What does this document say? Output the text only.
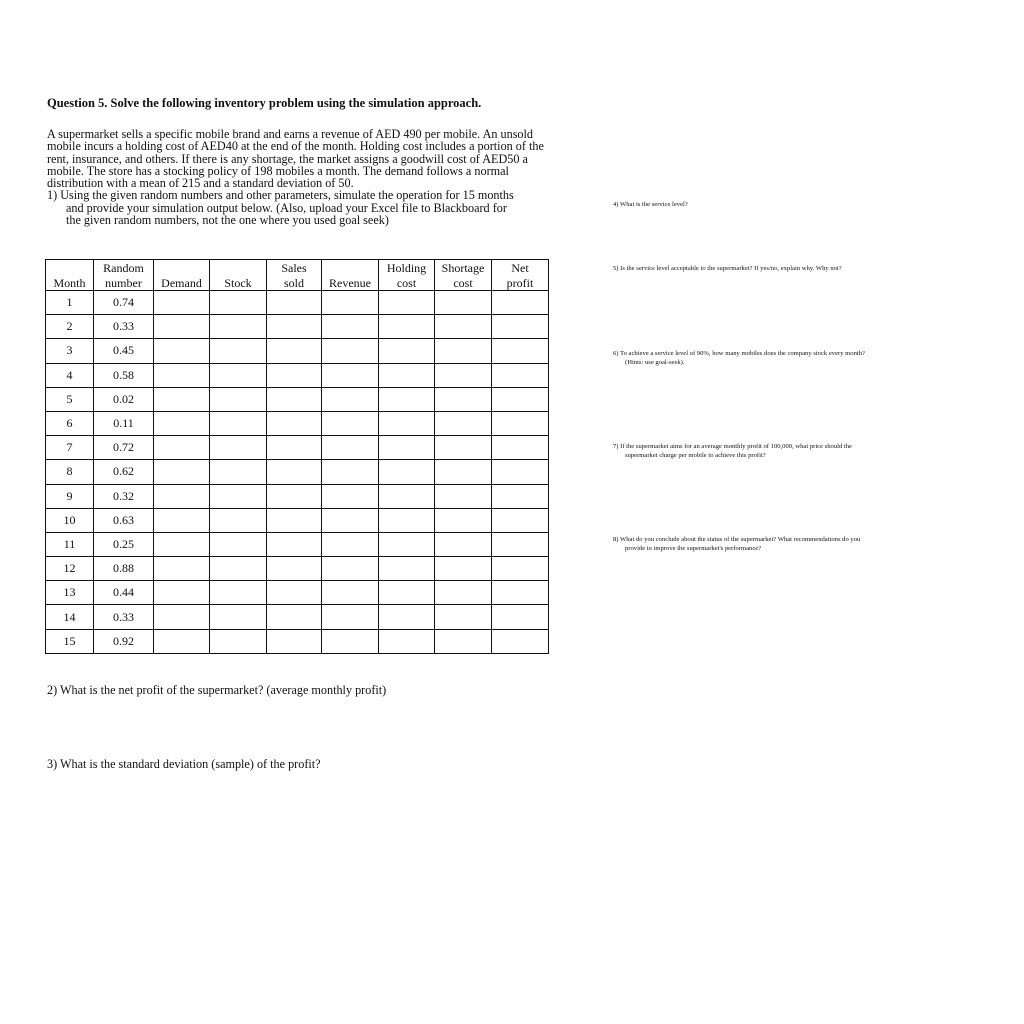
Question 5. Solve the following inventory problem using the simulation approach.

A supermarket sells a specific mobile brand and earns a revenue of AED 490 per mobile. An unsold mobile incurs a holding cost of AED40 at the end of the month. Holding cost includes a portion of the rent, insurance, and others. If there is any shortage, the market assigns a goodwill cost of AED50 a mobile. The store has a stocking policy of 198 mobiles a month. The demand follows a normal distribution with a mean of 215 and a standard deviation of 50.

1) Using the given random numbers and other parameters, simulate the operation for 15 months

and provide your simulation output below. (Also, upload your Excel file to Blackboard for

the given random numbers, not the one where you used goal seek)

	Random			Sales		Holding	Shortage	Net
Month	number	Demand	Stock	sold	Revenue	cost	cost	profit
1	0.74							
2	0.33							
3	0.45							
4	0.58							
5	0.02							
6	0.11							
7	0.72							
8	0.62							
9	0.32							
10	0.63							
11	0.25							
12	0.88							
13	0.44							
14	0.33							
15	0.92							

2) What is the net profit of the supermarket? (average monthly profit)

3) What is the standard deviation (sample) of the profit?

4) What is the service level?

5) Is the service level acceptable to the supermarket? If yes/no, explain why. Why not?

6) To achieve a service level of 90%, how many mobiles does the company stock every month?
(Hints: use goal-seek).

7) If the supermarket aims for an average monthly profit of 100,000, what price should the
supermarket charge per mobile to achieve this profit?

8) What do you conclude about the status of the supermarket? What recommendations do you
provide to improve the supermarket's performance?
